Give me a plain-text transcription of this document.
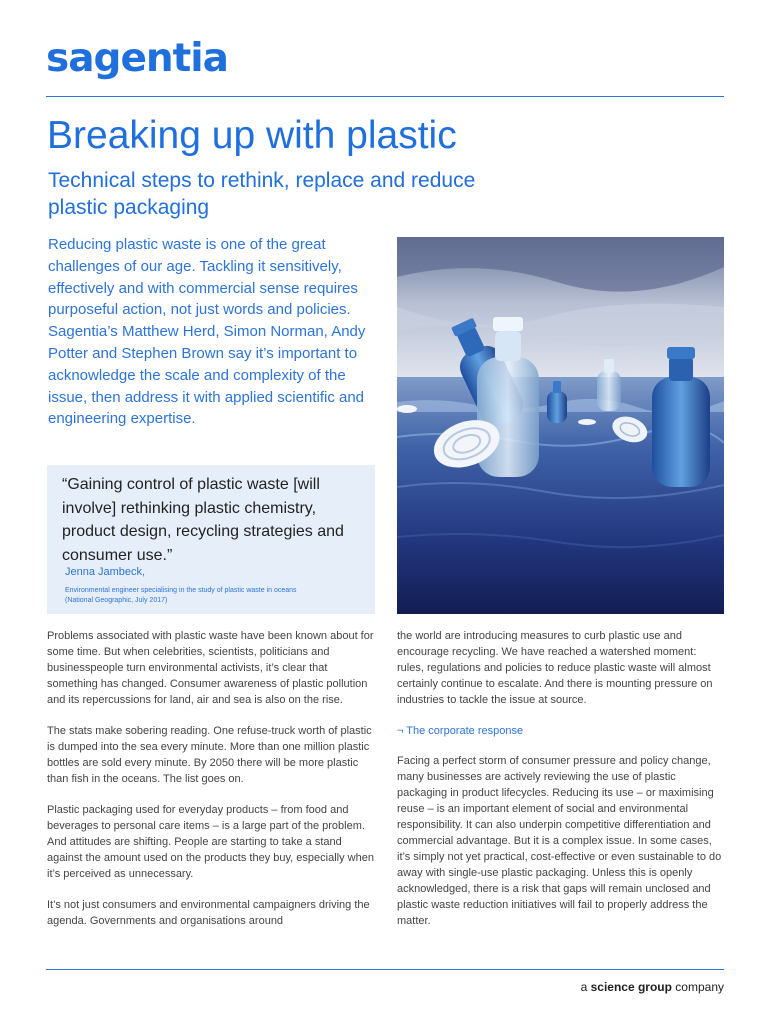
sagentia
Breaking up with plastic
Technical steps to rethink, replace and reduce plastic packaging

Reducing plastic waste is one of the great challenges of our age. Tackling it sensitively, effectively and with commercial sense requires purposeful action, not just words and policies. Sagentia’s Matthew Herd, Simon Norman, Andy Potter and Stephen Brown say it’s important to acknowledge the scale and complexity of the issue, then address it with applied scientific and engineering expertise.

“Gaining control of plastic waste [will involve] rethinking plastic chemistry, product design, recycling strategies and consumer use.”

Jenna Jambeck,

Environmental engineer specialising in the study of plastic waste in oceans (National Geographic, July 2017)

Problems associated with plastic waste have been known about for some time. But when celebrities, scientists, politicians and businesspeople turn environmental activists, it’s clear that something has changed. Consumer awareness of plastic pollution and its repercussions for land, air and sea is also on the rise.

The stats make sobering reading. One refuse-truck worth of plastic is dumped into the sea every minute. More than one million plastic bottles are sold every minute. By 2050 there will be more plastic than fish in the oceans. The list goes on.

Plastic packaging used for everyday products – from food and beverages to personal care items – is a large part of the problem. And attitudes are shifting. People are starting to take a stand against the amount used on the products they buy, especially when it’s perceived as unnecessary.

It’s not just consumers and environmental campaigners driving the agenda. Governments and organisations around

the world are introducing measures to curb plastic use and encourage recycling. We have reached a watershed moment: rules, regulations and policies to reduce plastic waste will almost certainly continue to escalate. And there is mounting pressure on industries to tackle the issue at source.

¬ The corporate response

Facing a perfect storm of consumer pressure and policy change, many businesses are actively reviewing the use of plastic packaging in product lifecycles. Reducing its use – or maximising reuse – is an important element of social and environmental responsibility. It can also underpin competitive differentiation and commercial advantage. But it is a complex issue. In some cases, it’s simply not yet practical, cost-effective or even sustainable to do away with single-use plastic packaging. Unless this is openly acknowledged, there is a risk that gaps will remain unclosed and plastic waste reduction initiatives will fail to properly address the matter.

a science group company
